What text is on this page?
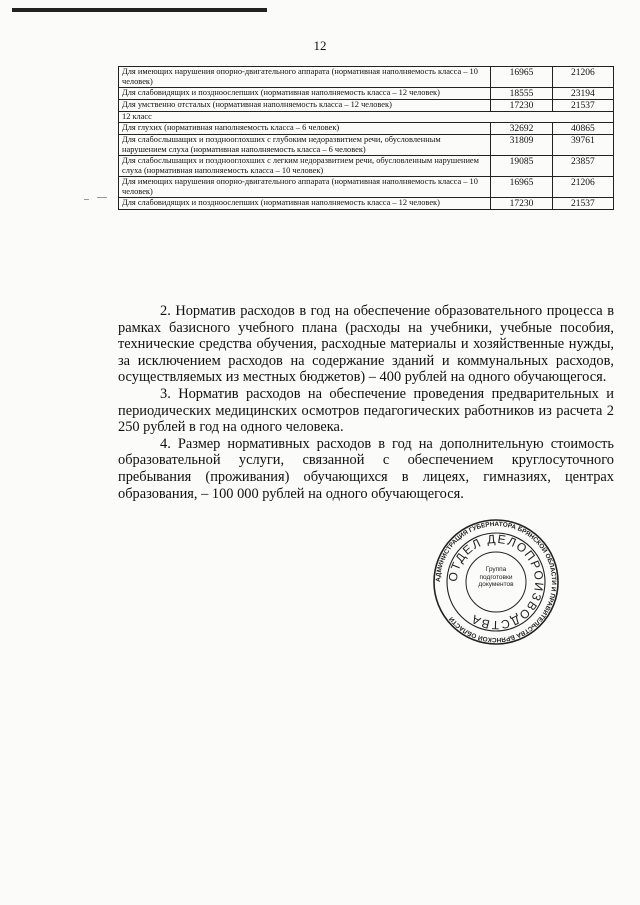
12
Для имеющих нарушения опорно-двигательного аппарата (нормативная наполняемость класса – 10 человек)	16965	21206
Для слабовидящих и поздноослепших (нормативная наполняемость класса – 12 человек)	18555	23194
Для умственно отсталых (нормативная наполняемость класса – 12 человек)	17230	21537
12 класс		
Для глухих (нормативная наполняемость класса – 6 человек)	32692	40865
Для слабослышащих и позднооглохших с глубоким недоразвитием речи, обусловленным нарушением слуха (нормативная наполняемость класса – 6 человек)	31809	39761
Для слабослышащих и позднооглохших с легким недоразвитием речи, обусловленным нарушением слуха (нормативная наполняемость класса – 10 человек)	19085	23857
Для имеющих нарушения опорно-двигательного аппарата (нормативная наполняемость класса – 10 человек)	16965	21206
Для слабовидящих и поздноослепших (нормативная наполняемость класса – 12 человек)	17230	21537

2. Норматив расходов в год на обеспечение образовательного процесса в рамках базисного учебного плана (расходы на учебники, учебные пособия, технические средства обучения, расходные материалы и хозяйственные нужды, за исключением расходов на содержание зданий и коммунальных расходов, осуществляемых из местных бюджетов) – 400 рублей на одного обучающегося.

3. Норматив расходов на обеспечение проведения предварительных и периодических медицинских осмотров педагогических работников из расчета 2 250 рублей в год на одного человека.

4. Размер нормативных расходов в год на дополнительную стоимость образовательной услуги, связанной с обеспечением круглосуточного пребывания (проживания) обучающихся в лицеях, гимназиях, центрах образования, – 100 000 рублей на одного обучающегося.

АДМИНИСТРАЦИЯ ГУБЕРНАТОРА БРЯНСКОЙ ОБЛАСТИ И ПРАВИТЕЛЬСТВА БРЯНСКОЙ ОБЛАСТИ
ОТДЕЛ ДЕЛОПРОИЗВОДСТВА
Группа подготовки документов
